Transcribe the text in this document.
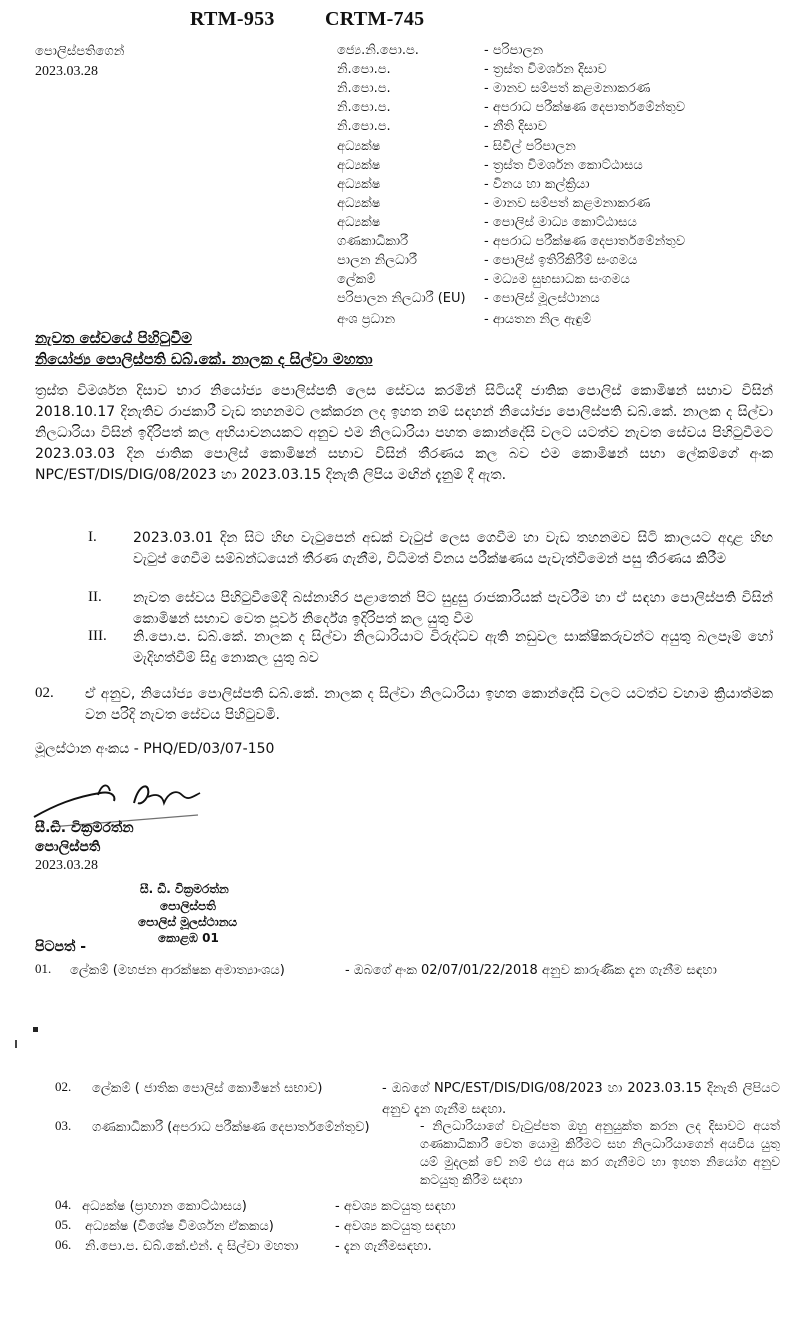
RTM-953	CRTM-745
පොලිස්පතිගෙන්
2023.03.28
ජ්‍යෙ.නි.පො.ප.	- පරිපාලන
නි.පො.ප.	- ත්‍රස්ත විමර්ශන දිසාව
නි.පො.ප.	- මානව සම්පත් කළමනාකරණ
නි.පො.ප.	- අපරාධ පරීක්ෂණ දෙපාර්තමේන්තුව
නි.පො.ප.	- නීති දිසාව
අධ්‍යක්ෂ	- සිවිල් පරිපාලන
අධ්‍යක්ෂ	- ත්‍රස්ත විමර්ශන කොට්ඨාසය
අධ්‍යක්ෂ	- විනය හා කල්ක්‍රියා
අධ්‍යක්ෂ	- මානව සම්පත් කළමනාකරණ
අධ්‍යක්ෂ	- පොලිස් මාධ්‍ය කොට්ඨාසය
ගණකාධිකාරී	- අපරාධ පරීක්ෂණ දෙපාර්තමේන්තුව
පාලන නිලධාරී	- පොලිස් ඉතිරිකිරීම් සංගමය
ලේකම්	- මධ්‍යම සුභසාධක සංගමය
පරිපාලන නිලධාරී (EU) - පොලිස් මූලස්ථානය
අංශ ප්‍රධාන	- ආයතන නිල ඇඳුම්
නැවත සේවයේ පිහිටුවීම
නියෝජ්‍ය පොලිස්පති ඩබ්.කේ. නාලක ද සිල්වා මහතා
ත්‍රස්ත විමර්ශන දිසාව භාර නියෝජ්‍ය පොලිස්පති ලෙස සේවය කරමින් සිටියදී ජාතික පොලිස් කොමිෂන් සභාව විසින් 2018.10.17 දිනැතිව රාජකාරී වැඩ තහනමට ලක්කරන ලද ඉහත නම් සඳහන් නියෝජ්‍ය පොලිස්පති ඩබ්.කේ. නාලක ද සිල්වා නිලධාරියා විසින් ඉදිරිපත් කල අභියාචනයකට අනුව එම නිලධාරියා පහත කොන්දේසි වලට යටත්ව නැවත සේවය පිහිටුවීමට 2023.03.03 දින ජාතික පොලිස් කොමිෂන් සභාව විසින් තීරණය කල බව එම කොමිෂන් සභා ලේකම්ගේ අංක NPC/EST/DIS/DIG/08/2023 හා 2023.03.15 දිනැති ලිපිය මඟින් දැනුම් දී ඇත.
I.	2023.03.01 දින සිට හිඟ වැටුපෙන් අඩක් වැටුප් ලෙස ගෙවීම හා වැඩ තහනමව සිටි කාලයට අදාළ හිඟ වැටුප් ගෙවීම සම්බන්ධයෙන් තීරණ ගැනීම, විධිමත් විනය පරීක්ෂණය පැවැත්වීමෙන් පසු තීරණය කිරීම
II. නැවත සේවය පිහිටුවීමේදී බස්නාහිර පළාතෙන් පිට සුදුසු රාජකාරියක් පැවරීම හා ඒ සඳහා පොලිස්පති විසින් කොමිෂන් සභාව වෙත පූර්ව නිර්දේශ ඉදිරිපත් කල යුතු වීම
III. නි.පො.ප. ඩබ්.කේ. නාලක ද සිල්වා නිලධාරියාට විරුද්ධව ඇති නඩුවල සාක්ෂිකරුවන්ට අයුතු බලපෑම් හෝ මැදිහත්වීම් සිදු නොකල යුතු බව
02. ඒ අනුව, නියෝජ්‍ය පොලිස්පති ඩබ්.කේ. නාලක ද සිල්වා නිලධාරියා ඉහත කොන්දේසි වලට යටත්ව වහාම ක්‍රියාත්මක වන පරිදි නැවත සේවය පිහිටුවමි.
මූලස්ථාන අංකය - PHQ/ED/03/07-150
සී.ඩී. වික්‍රමරත්න
පොලිස්පති
2023.03.28
සී. ඩී. වික්‍රමරත්න
පොලිස්පති
පොලිස් මූලස්ථානය
කොළඹ 01
පිටපත් -
01. ලේකම් (මහජන ආරක්ෂක අමාත්‍යාංශය)	- ඔබගේ අංක 02/07/01/22/2018 අනුව කාරුණික දැන ගැනීම සඳහා
02. ලේකම් ( ජාතික පොලිස් කොමිෂන් සභාව)	- ඔබගේ NPC/EST/DIS/DIG/08/2023 හා 2023.03.15 දිනැති ලිපියට අනුව දැන ගැනීම සඳහා.
03. ගණකාධිකාරී (අපරාධ පරීක්ෂණ දෙපාර්තමේන්තුව)	- නිලධාරියාගේ වැටුප්පත ඔහු අනුයුක්ත කරන ලද දිසාවට අයත් ගණකාධිකාරී වෙත යොමු කිරීමට සහ නිලධාරියාගෙන් අයවිය යුතු යම් මුදලක් වේ නම් එය අය කර ගැනීමට හා ඉහත නියෝග අනුව කටයුතු කිරීම සඳහා
04. අධ්‍යක්ෂ (ප්‍රාහාන කොට්ඨාසය)	- අවශ්‍ය කටයුතු සඳහා
05. අධ්‍යක්ෂ (විශේෂ විමර්ශන ඒකකය)	- අවශ්‍ය කටයුතු සඳහා
06. නි.පො.ප. ඩබ්.කේ.එන්. ද සිල්වා මහතා	- දැන ගැනීමසඳහා.
